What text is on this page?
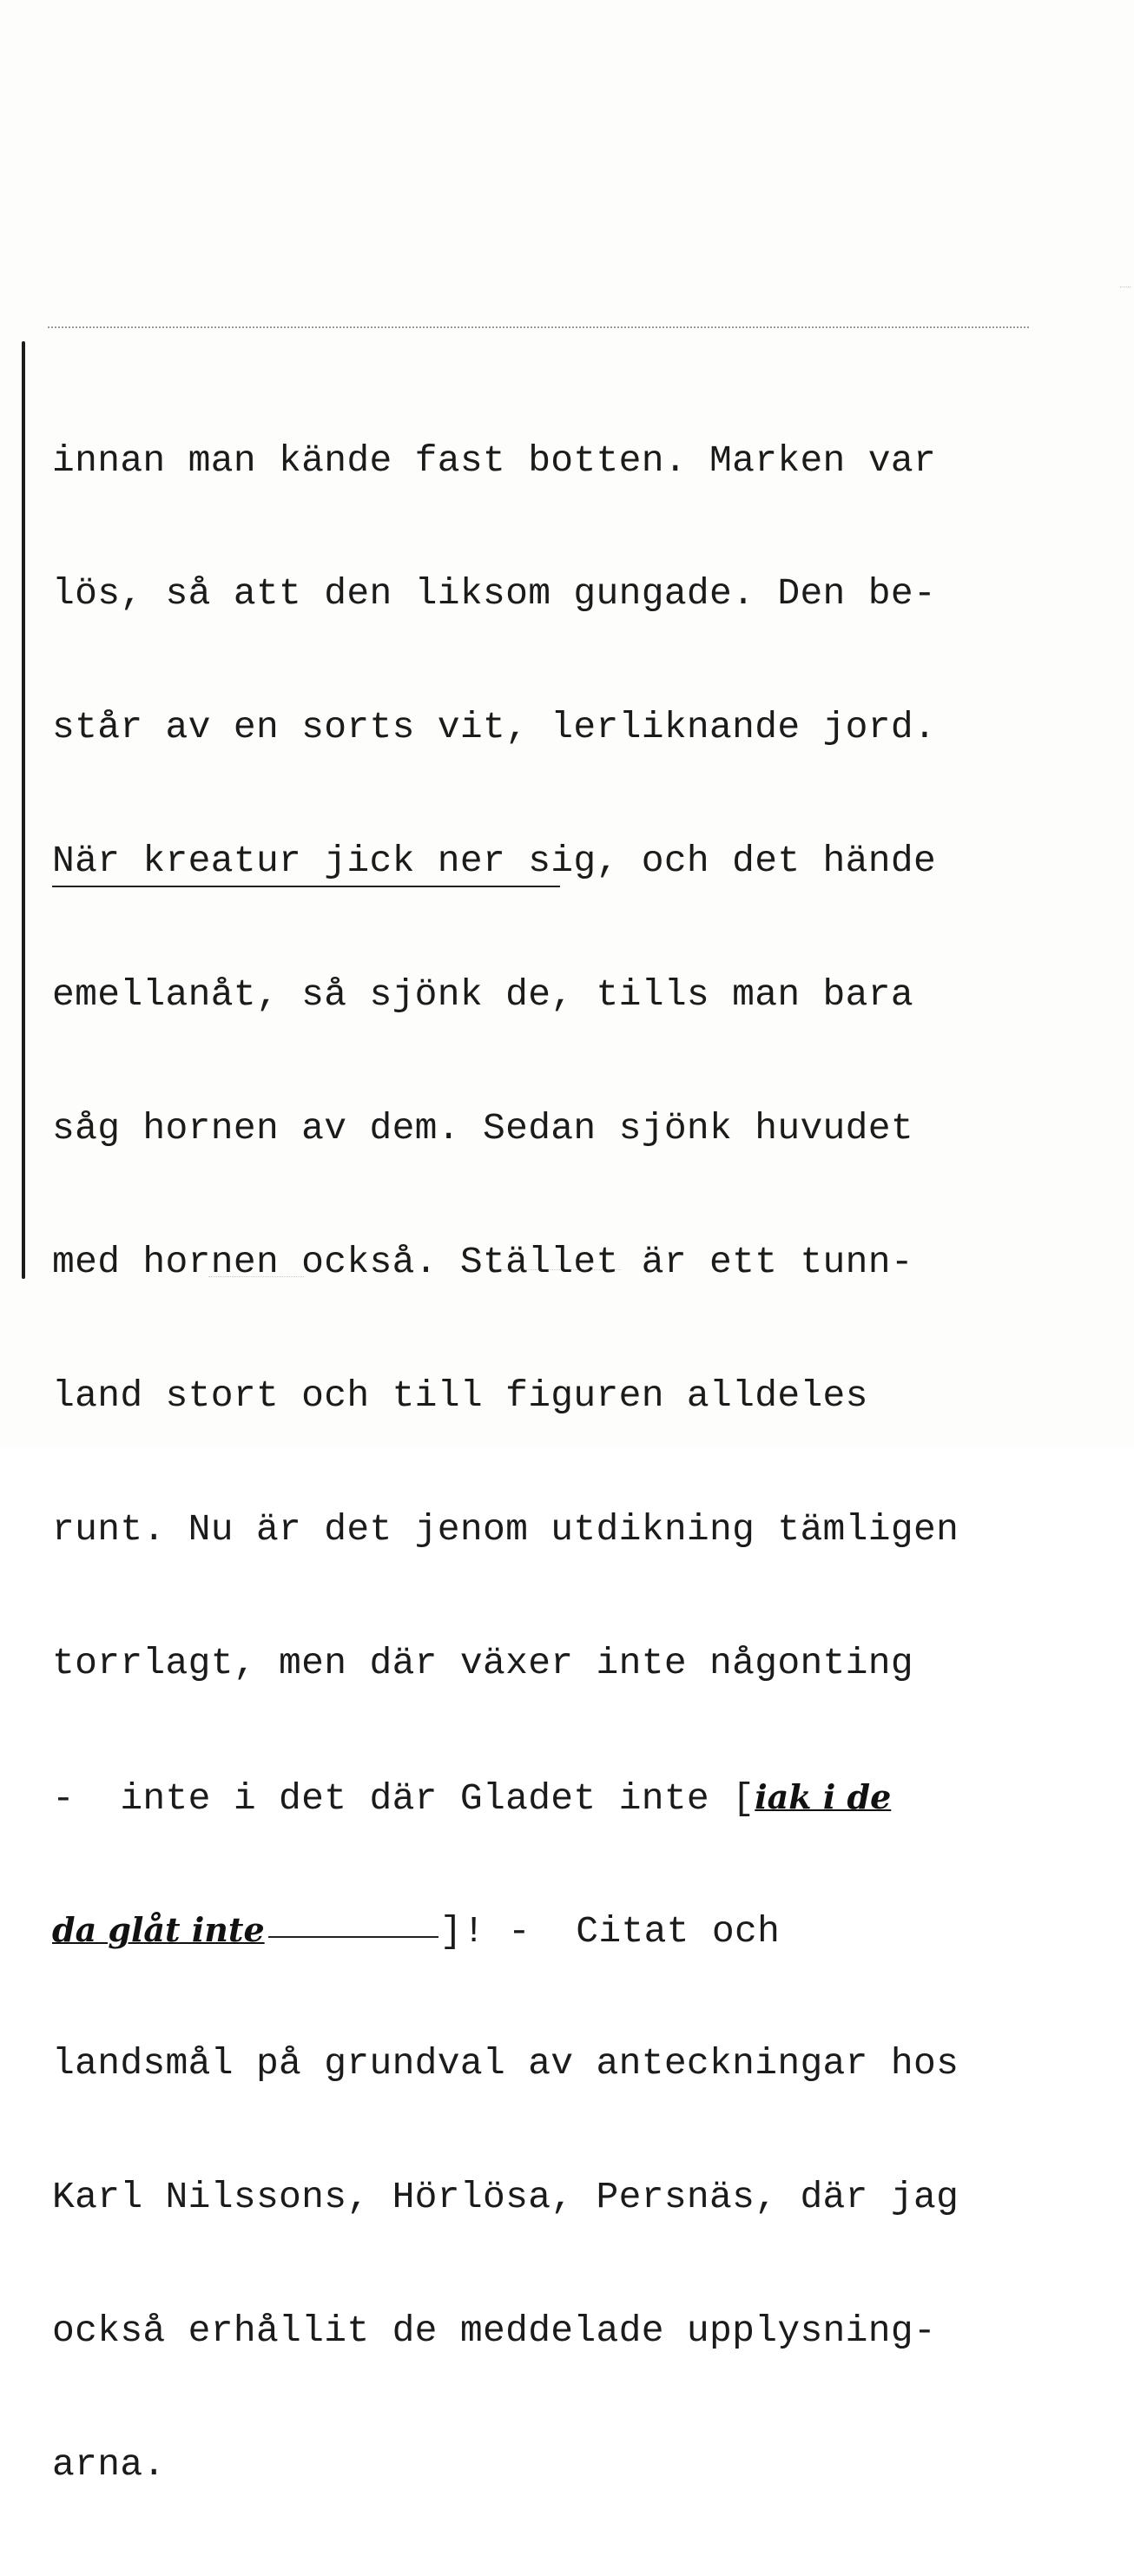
innan man kände fast botten. Marken var

lös, så att den liksom gungade. Den be-

står av en sorts vit, lerliknande jord.

När kreatur jick ner sig, och det hände

emellanåt, så sjönk de, tills man bara

såg hornen av dem. Sedan sjönk huvudet

med hornen också. Stället är ett tunn-

land stort och till figuren alldeles

runt. Nu är det jenom utdikning tämligen

torrlagt, men där växer inte någonting

-  inte i det där Gladet inte [iak i de

da glåt inte	]! -  Citat och

landsmål på grundval av anteckningar hos

Karl Nilssons, Hörlösa, Persnäs, där jag

också erhållit de meddelade upplysning-

arna.
